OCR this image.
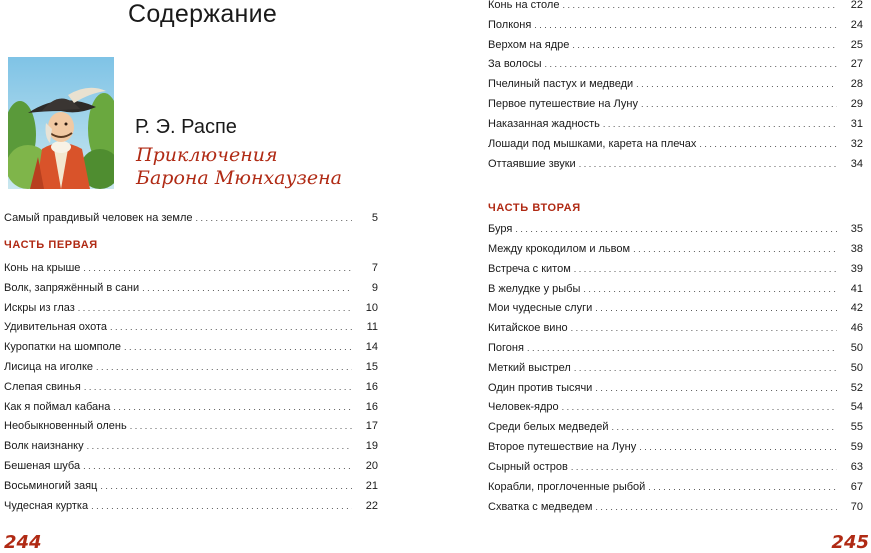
Содержание
Р. Э. Распе
Приключения
Барона Мюнхаузена
Самый правдивый человек на земле . . .	5
ЧАСТЬ ПЕРВАЯ
Конь на крыше . . .	7
Волк, запряжённый в сани . . .	9
Искры из глаз . . .	10
Удивительная охота . . .	11
Куропатки на шомполе . . .	14
Лисица на иголке . . .	15
Слепая свинья . . .	16
Как я поймал кабана . . .	16
Необыкновенный олень . . .	17
Волк наизнанку . . .	19
Бешеная шуба . . .	20
Восьминогий заяц . . .	21
Чудесная куртка . . .	22
244
Конь на столе . . .	22
Полконя . . .	24
Верхом на ядре . . .	25
За волосы . . .	27
Пчелиный пастух и медведи . . .	28
Первое путешествие на Луну . . .	29
Наказанная жадность . . .	31
Лошади под мышками, карета на плечах . . .	32
Оттаявшие звуки . . .	34
ЧАСТЬ ВТОРАЯ
Буря . . .	35
Между крокодилом и львом . . .	38
Встреча с китом . . .	39
В желудке у рыбы . . .	41
Мои чудесные слуги . . .	42
Китайское вино . . .	46
Погоня . . .	50
Меткий выстрел . . .	50
Один против тысячи . . .	52
Человек-ядро . . .	54
Среди белых медведей . . .	55
Второе путешествие на Луну . . .	59
Сырный остров . . .	63
Корабли, проглоченные рыбой . . .	67
Схватка с медведем . . .	70
245
